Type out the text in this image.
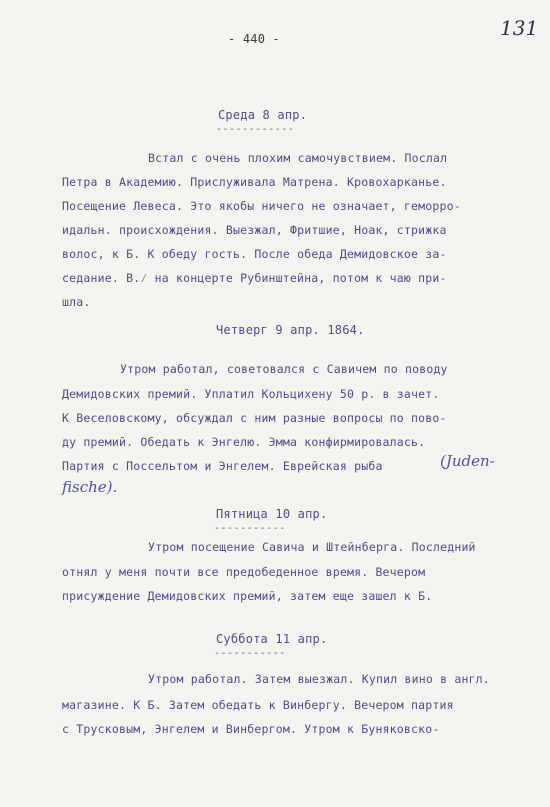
- 440 -	131
Среда 8 апр.
------------
Встал с очень плохим самочувствием. Послал
Петра в Академию. Прислуживала Матрена. Кровохарканье.
Посещение Левеса. Это якобы ничего не означает, геморро-
идальн. происхождения. Выезжал, Фритшие, Ноак, стрижка
волос, к Б. К обеду гость. После обеда Демидовское за-
седание. В.⁄ на концерте Рубинштейна, потом к чаю при-
шла.
Четверг 9 апр. 1864.
Утром работал, советовался с Савичем по поводу
Демидовских премий. Уплатил Кольцихену 50 р. в зачет.
К Веселовскому, обсуждал с ним разные вопросы по пово-
ду премий. Обедать к Энгелю. Эмма конфирмировалась.
Партия с Посcельтом и Энгелем. Еврейская рыба	(Juden-
fische).
Пятница 10 апр.
-----------
Утром посещение Савича и Штейнберга. Последний
отнял у меня почти все предобеденное время. Вечером
присуждение Демидовских премий, затем еще зашел к Б.
Суббота 11 апр.
-----------
Утром работал. Затем выезжал. Купил вино в англ.
магазине. К Б. Затем обедать к Винбергу. Вечером партия
с Трусковым, Энгелем и Винбергом. Утром к Буняковско-
